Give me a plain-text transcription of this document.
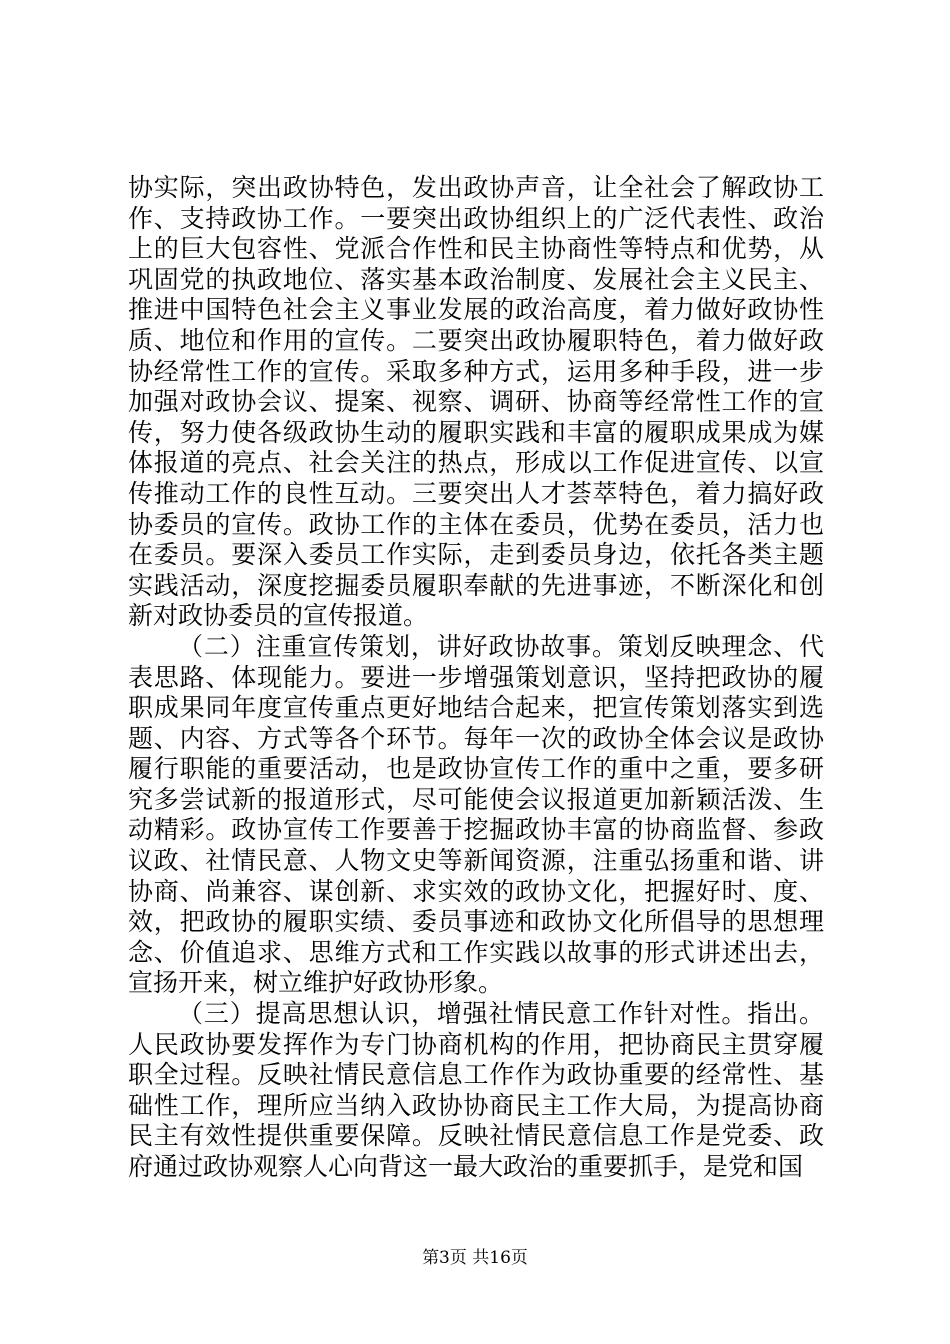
协实际，突出政协特色，发出政协声音，让全社会了解政协工作、支持政协工作。一要突出政协组织上的广泛代表性、政治上的巨大包容性、党派合作性和民主协商性等特点和优势，从巩固党的执政地位、落实基本政治制度、发展社会主义民主、推进中国特色社会主义事业发展的政治高度，着力做好政协性质、地位和作用的宣传。二要突出政协履职特色，着力做好政协经常性工作的宣传。采取多种方式，运用多种手段，进一步加强对政协会议、提案、视察、调研、协商等经常性工作的宣传，努力使各级政协生动的履职实践和丰富的履职成果成为媒体报道的亮点、社会关注的热点，形成以工作促进宣传、以宣传推动工作的良性互动。三要突出人才荟萃特色，着力搞好政协委员的宣传。政协工作的主体在委员，优势在委员，活力也在委员。要深入委员工作实际，走到委员身边，依托各类主题实践活动，深度挖掘委员履职奉献的先进事迹，不断深化和创新对政协委员的宣传报道。

（二）注重宣传策划，讲好政协故事。策划反映理念、代表思路、体现能力。要进一步增强策划意识，坚持把政协的履职成果同年度宣传重点更好地结合起来，把宣传策划落实到选题、内容、方式等各个环节。每年一次的政协全体会议是政协履行职能的重要活动，也是政协宣传工作的重中之重，要多研究多尝试新的报道形式，尽可能使会议报道更加新颖活泼、生动精彩。政协宣传工作要善于挖掘政协丰富的协商监督、参政议政、社情民意、人物文史等新闻资源，注重弘扬重和谐、讲协商、尚兼容、谋创新、求实效的政协文化，把握好时、度、效，把政协的履职实绩、委员事迹和政协文化所倡导的思想理念、价值追求、思维方式和工作实践以故事的形式讲述出去，宣扬开来，树立维护好政协形象。

（三）提高思想认识，增强社情民意工作针对性。指出。人民政协要发挥作为专门协商机构的作用，把协商民主贯穿履职全过程。反映社情民意信息工作作为政协重要的经常性、基础性工作，理所应当纳入政协协商民主工作大局，为提高协商民主有效性提供重要保障。反映社情民意信息工作是党委、政府通过政协观察人心向背这一最大政治的重要抓手，是党和国

第3页 共16页
